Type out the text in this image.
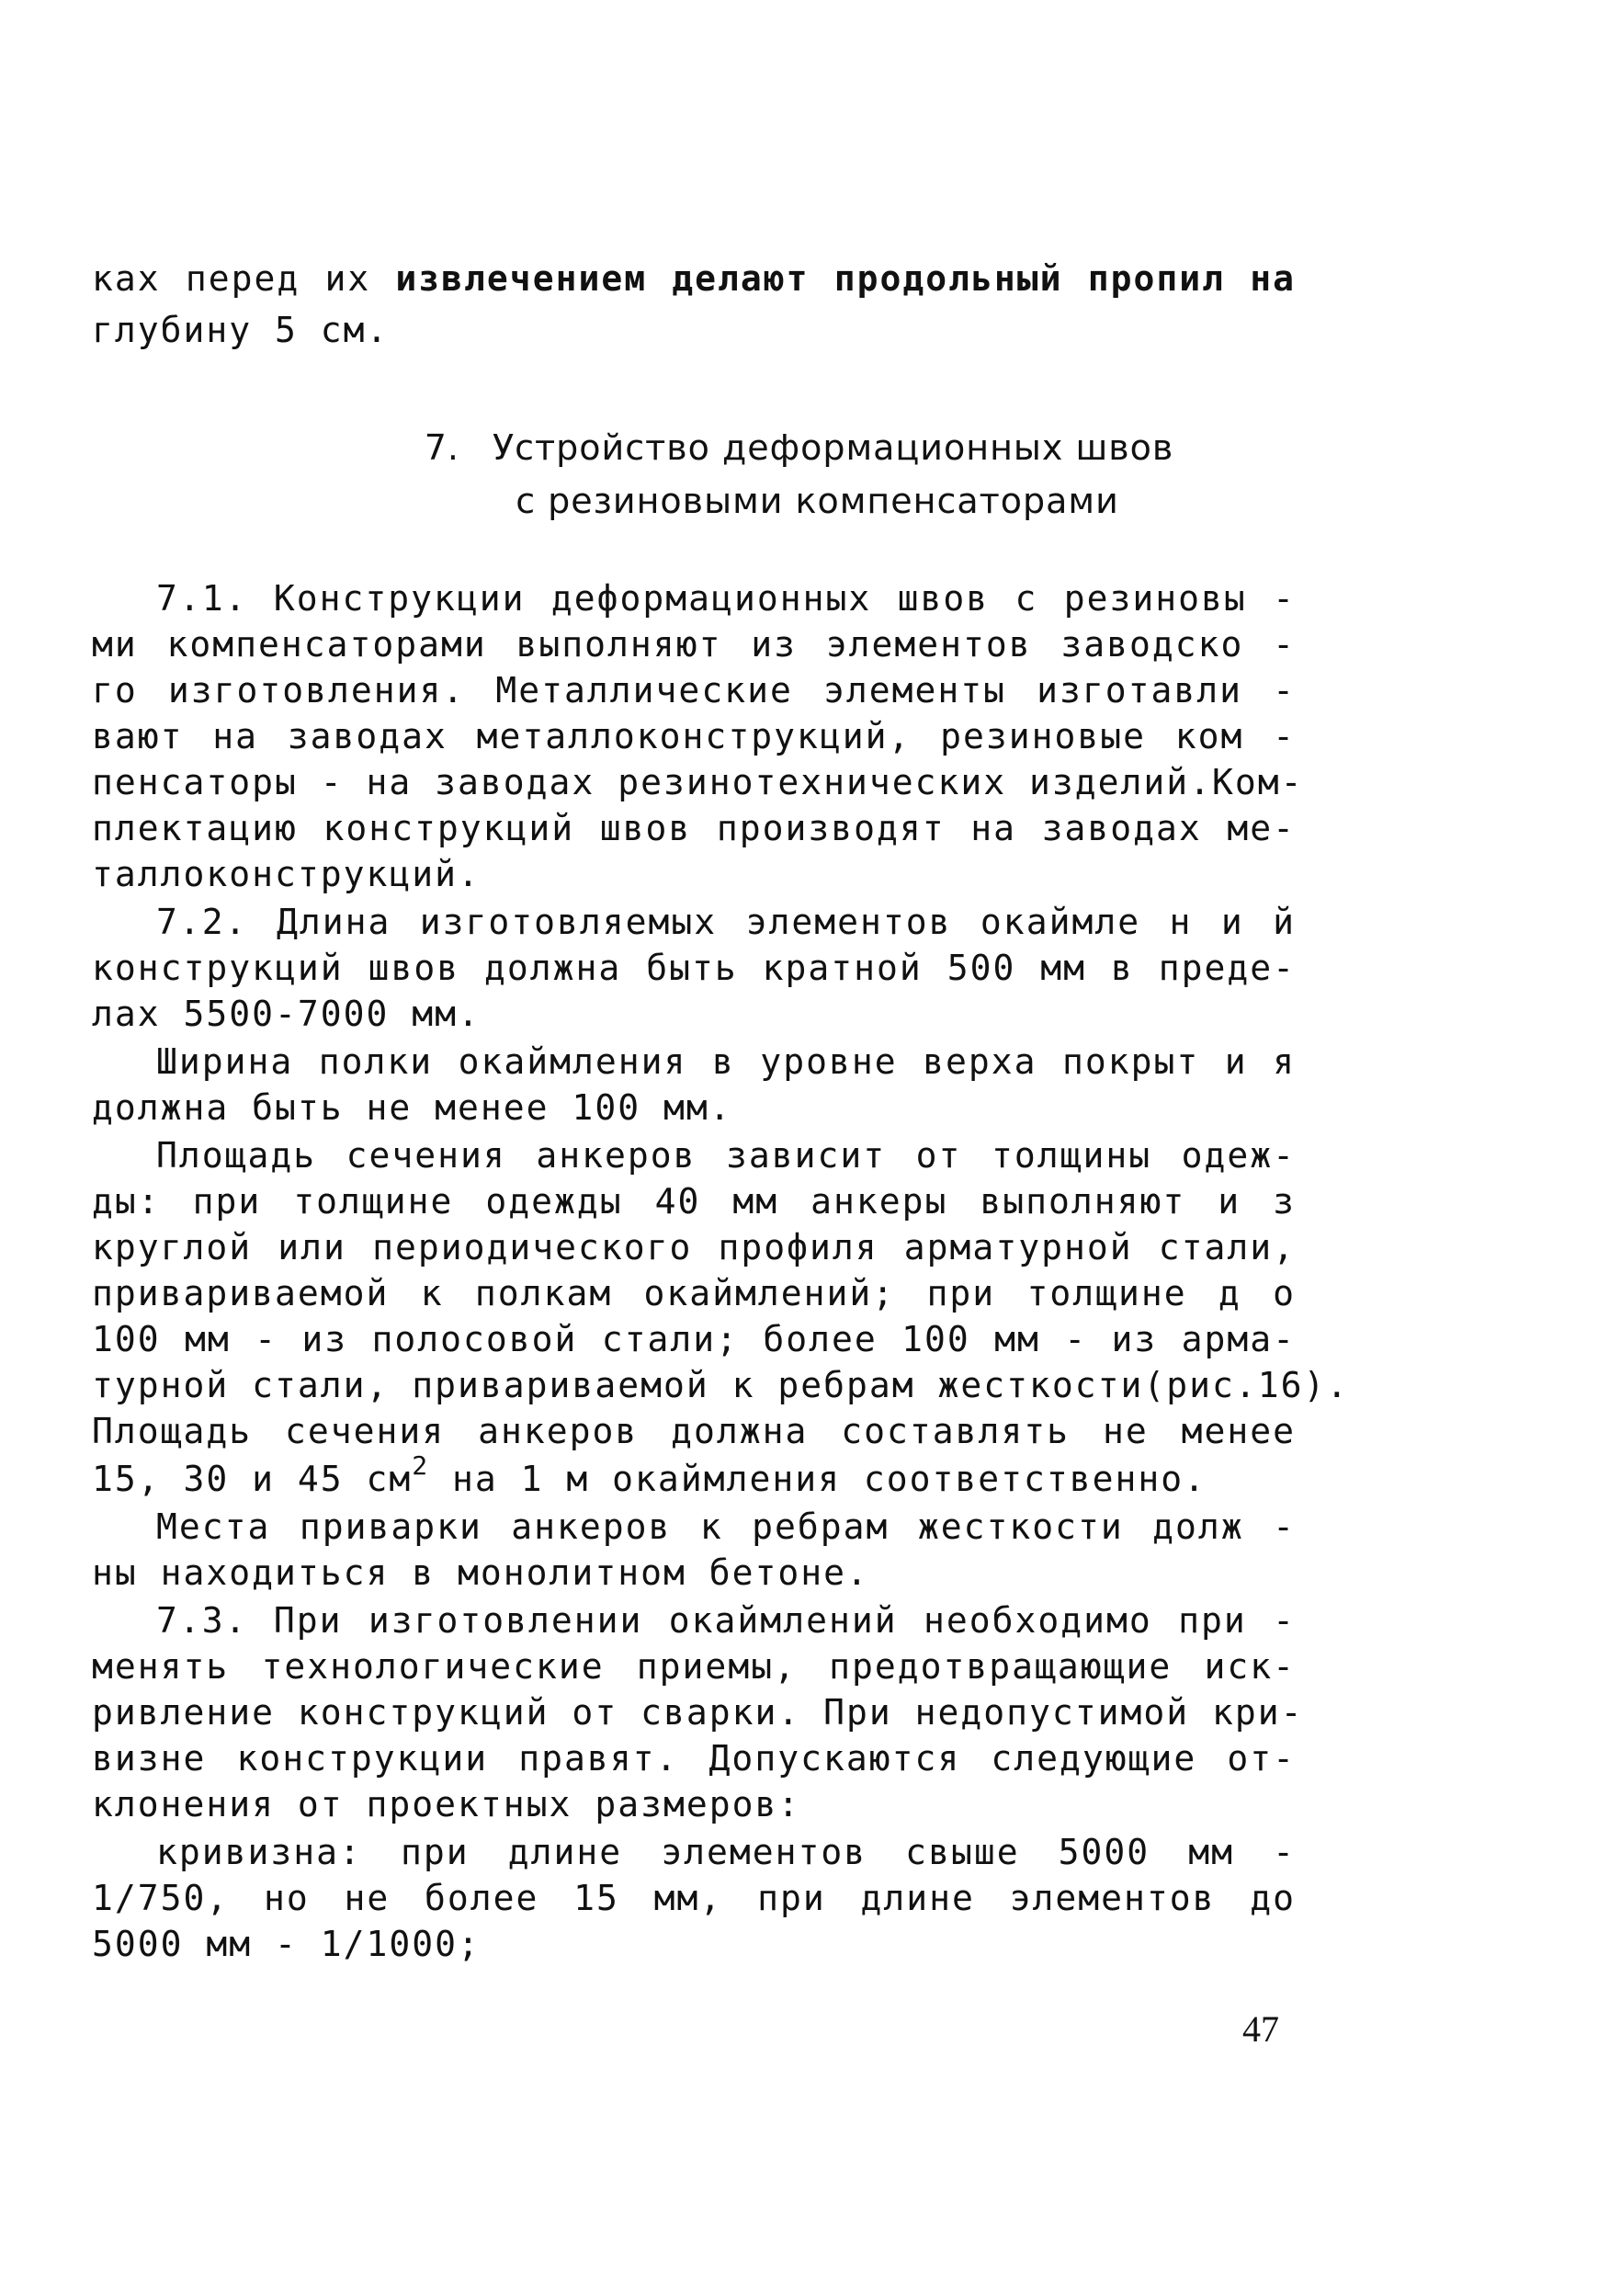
ках перед их извлечением делают продольный пропил на
глубину 5 см.
7. Устройство деформационных швов
с резиновыми компенсаторами
7.1. Конструкции деформационных швов с резиновы -
ми компенсаторами выполняют из элементов заводско -
го изготовления. Металлические элементы изготавли -
вают на заводах металлоконструкций, резиновые ком -
пенсаторы - на заводах резинотехнических изделий.Ком-
плектацию конструкций швов производят на заводах ме-
таллоконструкций.
7.2. Длина изготовляемых элементов окаймле н и й
конструкций швов должна быть кратной 500 мм в преде-
лах 5500-7000 мм.
Ширина полки окаймления в уровне верха покрыт и я
должна быть не менее 100 мм.
Площадь сечения анкеров зависит от толщины одеж-
ды: при толщине одежды 40 мм анкеры выполняют и з
круглой или периодического профиля арматурной стали,
привариваемой к полкам окаймлений; при толщине д о
100 мм - из полосовой стали; более 100 мм - из арма-
турной стали, привариваемой к ребрам жесткости(рис.16).
Площадь сечения анкеров должна составлять не менее
15, 30 и 45 $см^2$ на 1 м окаймления соответственно.
Места приварки анкеров к ребрам жесткости долж -
ны находиться в монолитном бетоне.
7.3. При изготовлении окаймлений необходимо при -
менять технологические приемы, предотвращающие иск-
ривление конструкций от сварки. При недопустимой кри-
визне конструкции правят. Допускаются следующие от-
клонения от проектных размеров:
кривизна: при длине элементов свыше 5000 мм -
1/750, но не более 15 мм, при длине элементов до
5000 мм - 1/1000;
47
